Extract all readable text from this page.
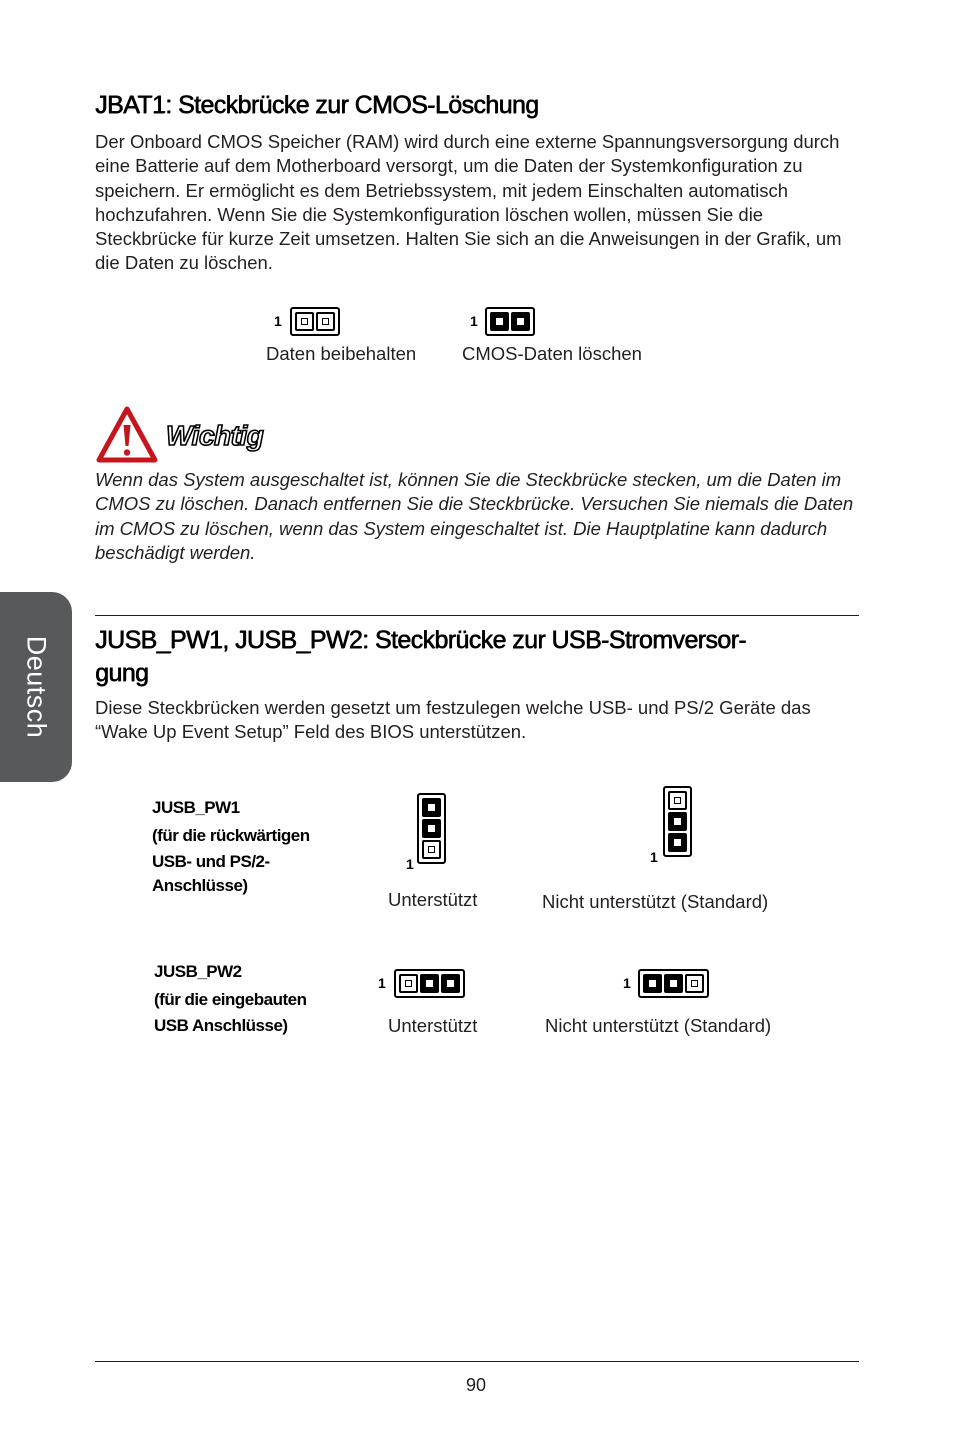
JBAT1: Steckbrücke zur CMOS-Löschung

Der Onboard CMOS Speicher (RAM) wird durch eine externe Spannungsversorgung durch eine Batterie auf dem Motherboard versorgt, um die Daten der Systemkonfiguration zu speichern. Er ermöglicht es dem Betriebssystem, mit jedem Einschalten automatisch hochzufahren. Wenn Sie die Systemkonfiguration löschen wollen, müssen Sie die Steckbrücke für kurze Zeit umsetzen. Halten Sie sich an die Anweisungen in der Grafik, um die Daten zu löschen.

1
Daten beibehalten
1
CMOS-Daten löschen
Wichtig

Wenn das System ausgeschaltet ist, können Sie die Steckbrücke stecken, um die Daten im CMOS zu löschen. Danach entfernen Sie die Steckbrücke. Versuchen Sie niemals die Daten im CMOS zu löschen, wenn das System eingeschaltet ist. Die Hauptplatine kann dadurch beschädigt werden.

Deutsch JUSB_PW1, JUSB_PW2: Steckbrücke zur USB-Stromversor-
gung

Diese Steckbrücken werden gesetzt um festzulegen welche USB- und PS/2 Geräte das “Wake Up Event Setup” Feld des BIOS unterstützen.

JUSB_PW1
(für die rückwärtigen
USB- und PS/2-
Anschlüsse)
1
Unterstützt
1
Nicht unterstützt (Standard)
JUSB_PW2
(für die eingebauten
USB Anschlüsse)
1
Unterstützt
1
Nicht unterstützt (Standard)
90
